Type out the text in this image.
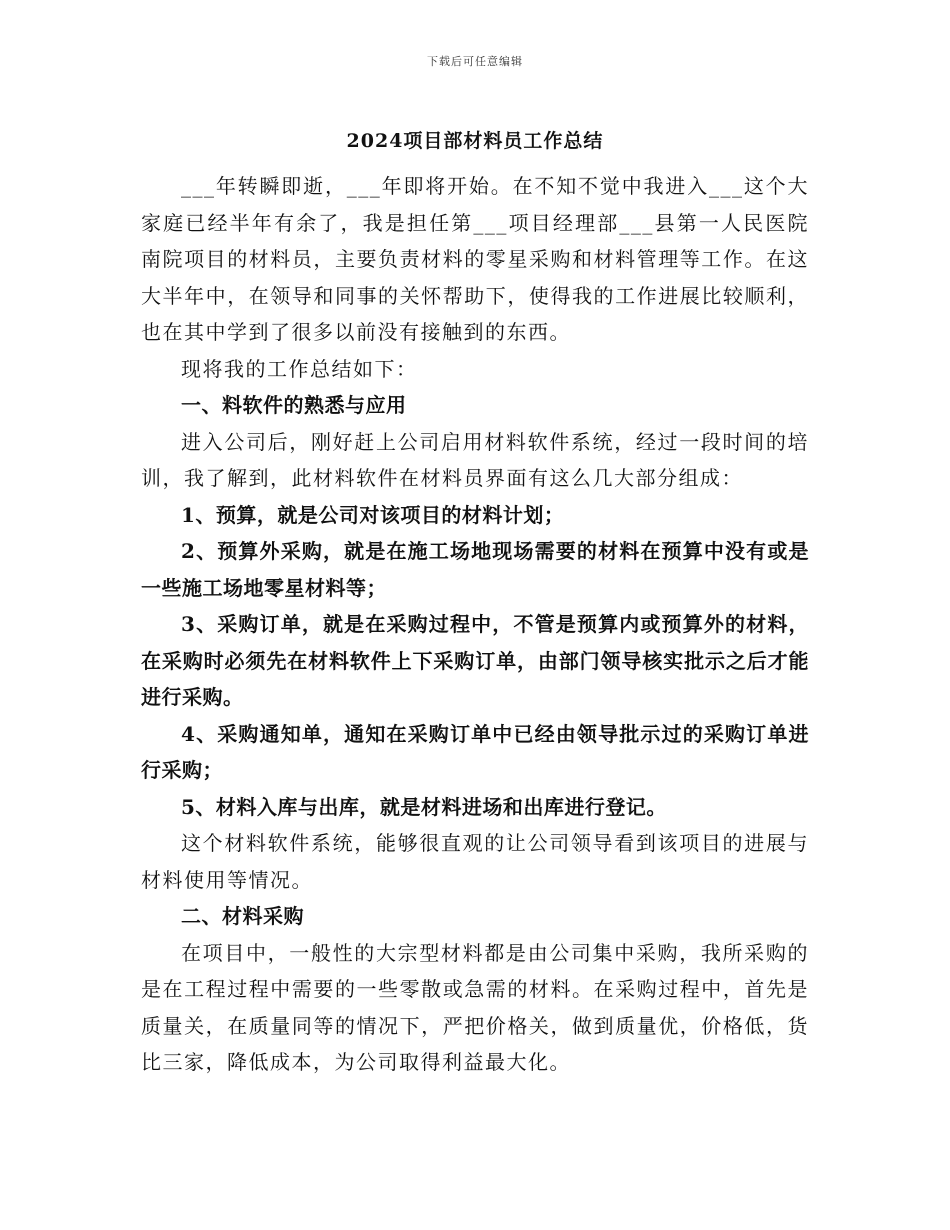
下载后可任意编辑
2024项目部材料员工作总结

___年转瞬即逝，___年即将开始。在不知不觉中我进入___这个大家庭已经半年有余了，我是担任第___项目经理部___县第一人民医院南院项目的材料员，主要负责材料的零星采购和材料管理等工作。在这大半年中，在领导和同事的关怀帮助下，使得我的工作进展比较顺利，也在其中学到了很多以前没有接触到的东西。

现将我的工作总结如下：

一、料软件的熟悉与应用

进入公司后，刚好赶上公司启用材料软件系统，经过一段时间的培训，我了解到，此材料软件在材料员界面有这么几大部分组成：

1、预算，就是公司对该项目的材料计划；

2、预算外采购，就是在施工场地现场需要的材料在预算中没有或是一些施工场地零星材料等；

3、采购订单，就是在采购过程中，不管是预算内或预算外的材料，在采购时必须先在材料软件上下采购订单，由部门领导核实批示之后才能进行采购。

4、采购通知单，通知在采购订单中已经由领导批示过的采购订单进行采购；

5、材料入库与出库，就是材料进场和出库进行登记。

这个材料软件系统，能够很直观的让公司领导看到该项目的进展与材料使用等情况。

二、材料采购

在项目中，一般性的大宗型材料都是由公司集中采购，我所采购的是在工程过程中需要的一些零散或急需的材料。在采购过程中，首先是质量关，在质量同等的情况下，严把价格关，做到质量优，价格低，货比三家，降低成本，为公司取得利益最大化。
